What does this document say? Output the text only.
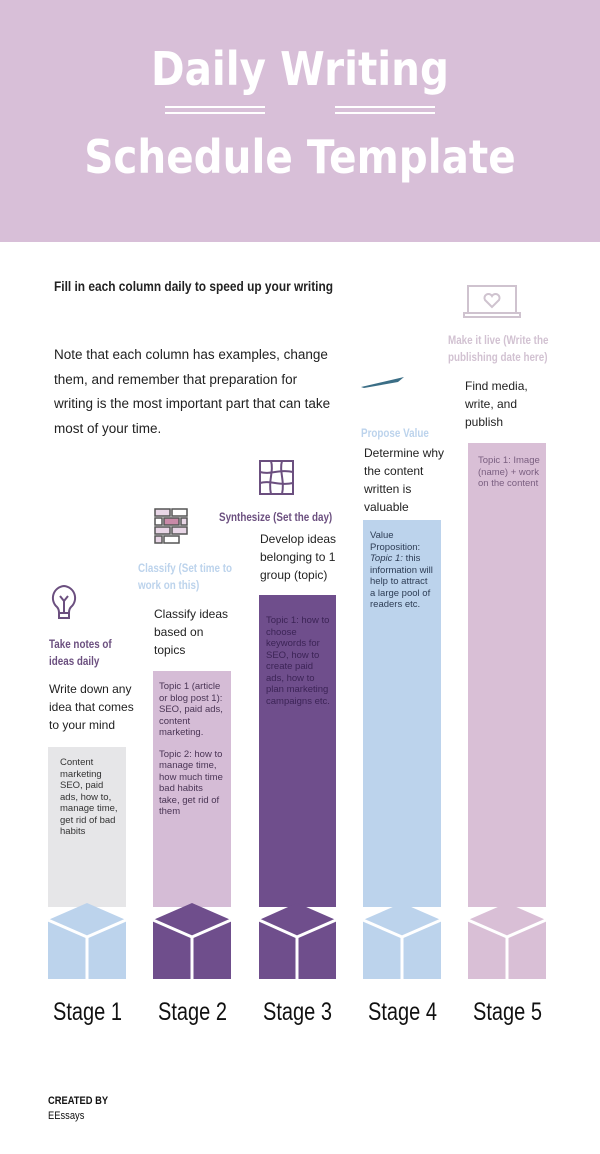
Daily Writing
Schedule Template
Fill in each column daily to speed up your writing
Note that each column has examples, change them, and remember that preparation for writing is the most important part that can take most of your time.
Take notes of ideas daily
Write down any idea that comes to your mind
Content marketing SEO, paid ads, how to, manage time, get rid of bad habits
Classify (Set time to work on this)
Classify ideas based on topics
Topic 1 (article or blog post 1): SEO, paid ads, content marketing.
Topic 2: how to manage time, how much time bad habits take, get rid of them
Synthesize (Set the day)
Develop ideas belonging to 1 group (topic)
Topic 1: how to choose keywords for SEO, how to create paid ads, how to plan marketing campaigns etc.
Propose Value
Determine why the content written is valuable
Value Proposition: Topic 1: this information will help to attract a large pool of readers etc.
Make it live (Write the publishing date here)
Find media, write, and publish
Topic 1: Image (name) + work on the content
Stage 1	Stage 2	Stage 3	Stage 4	Stage 5
CREATED BY
EEssays
